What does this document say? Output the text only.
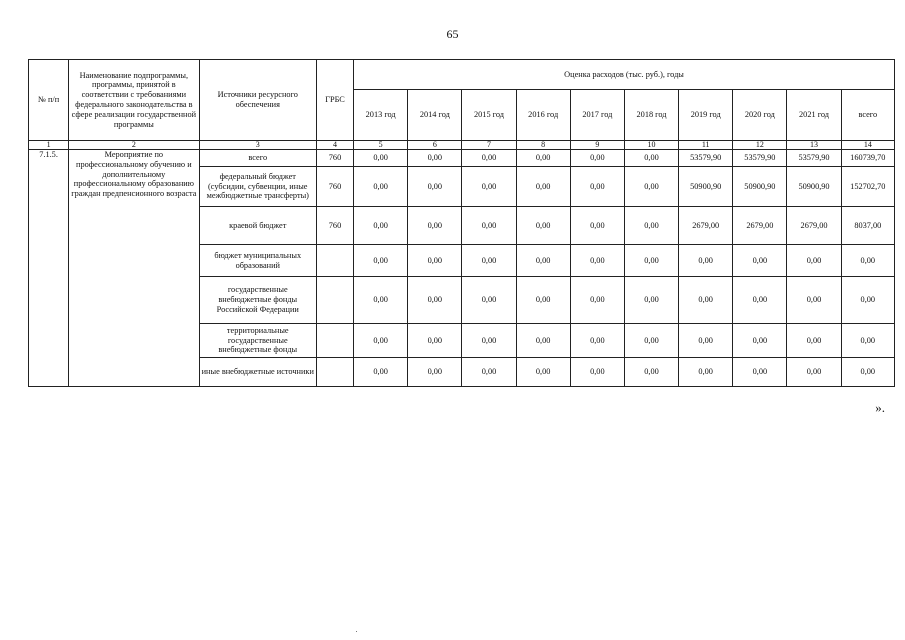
65
№ п/п	Наименование подпрограммы, программы, принятой в соответствии с требованиями федерального законодательства в сфере реализации государственной программы	Источники ресурсного обеспечения	ГРБС	Оценка расходов (тыс. руб.), годы									
				2013 год	2014 год	2015 год	2016 год	2017 год	2018 год	2019 год	2020 год	2021 год	всего
1	2	3	4	5	6	7	8	9	10	11	12	13	14
7.1.5.	Мероприятие по профессиональному обучению и дополнительному профессиональному образованию граждан предпенсионного возраста	всего	760	0,00	0,00	0,00	0,00	0,00	0,00	53579,90	53579,90	53579,90	160739,70
		федеральный бюджет (субсидии, субвенции, иные межбюджетные трансферты)	760	0,00	0,00	0,00	0,00	0,00	0,00	50900,90	50900,90	50900,90	152702,70
		краевой бюджет	760	0,00	0,00	0,00	0,00	0,00	0,00	2679,00	2679,00	2679,00	8037,00
		бюджет муниципальных образований		0,00	0,00	0,00	0,00	0,00	0,00	0,00	0,00	0,00	0,00
		государственные внебюджетные фонды Российской Федерации		0,00	0,00	0,00	0,00	0,00	0,00	0,00	0,00	0,00	0,00
		территориальные государственные внебюджетные фонды		0,00	0,00	0,00	0,00	0,00	0,00	0,00	0,00	0,00	0,00
		иные внебюджетные источники		0,00	0,00	0,00	0,00	0,00	0,00	0,00	0,00	0,00	0,00
».
